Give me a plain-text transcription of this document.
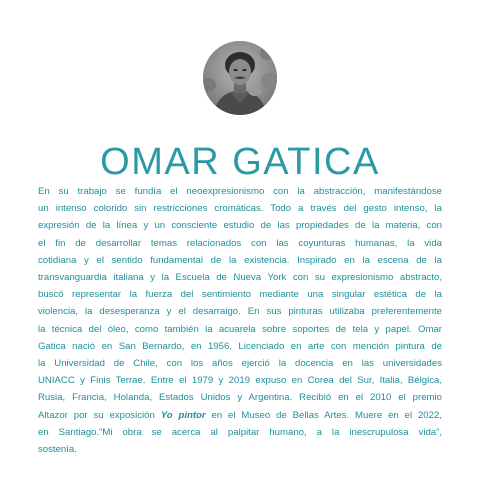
OMAR GATICA
En su trabajo se fundía el neoexpresionismo con la abstracción, manifestándose
un intenso colorido sin restricciones cromáticas. Todo a través del gesto intenso, la
expresión de la línea y un consciente estudio de las propiedades de la materia, con
el fin de desarrollar temas relacionados con las coyunturas humanas, la vida
cotidiana y el sentido fundamental de la existencia. Inspirado en la escena de la
transvanguardia italiana y la Escuela de Nueva York con su expresionismo abstracto,
buscó representar la fuerza del sentimiento mediante una singular estética de la
violencia, la desesperanza y el desarraigo. En sus pinturas utilizaba preferentemente
la técnica del óleo, como también la acuarela sobre soportes de tela y papel. Omar
Gatica nació en San Bernardo, en 1956. Licenciado en arte con mención pintura de
la Universidad de Chile, con los años ejerció la docencia en las universidades
UNIACC y Finis Terrae. Entre el 1979 y 2019 expuso en Corea del Sur, Italia, Bélgica,
Rusia, Francia, Holanda, Estados Unidos y Argentina. Recibió en el 2010 el premio
Altazor por su exposición Yo pintor en el Museo de Bellas Artes. Muere en el 2022,
en Santiago.“Mi obra se acerca al palpitar humano, a la inescrupulosa vida”,
sostenía.
